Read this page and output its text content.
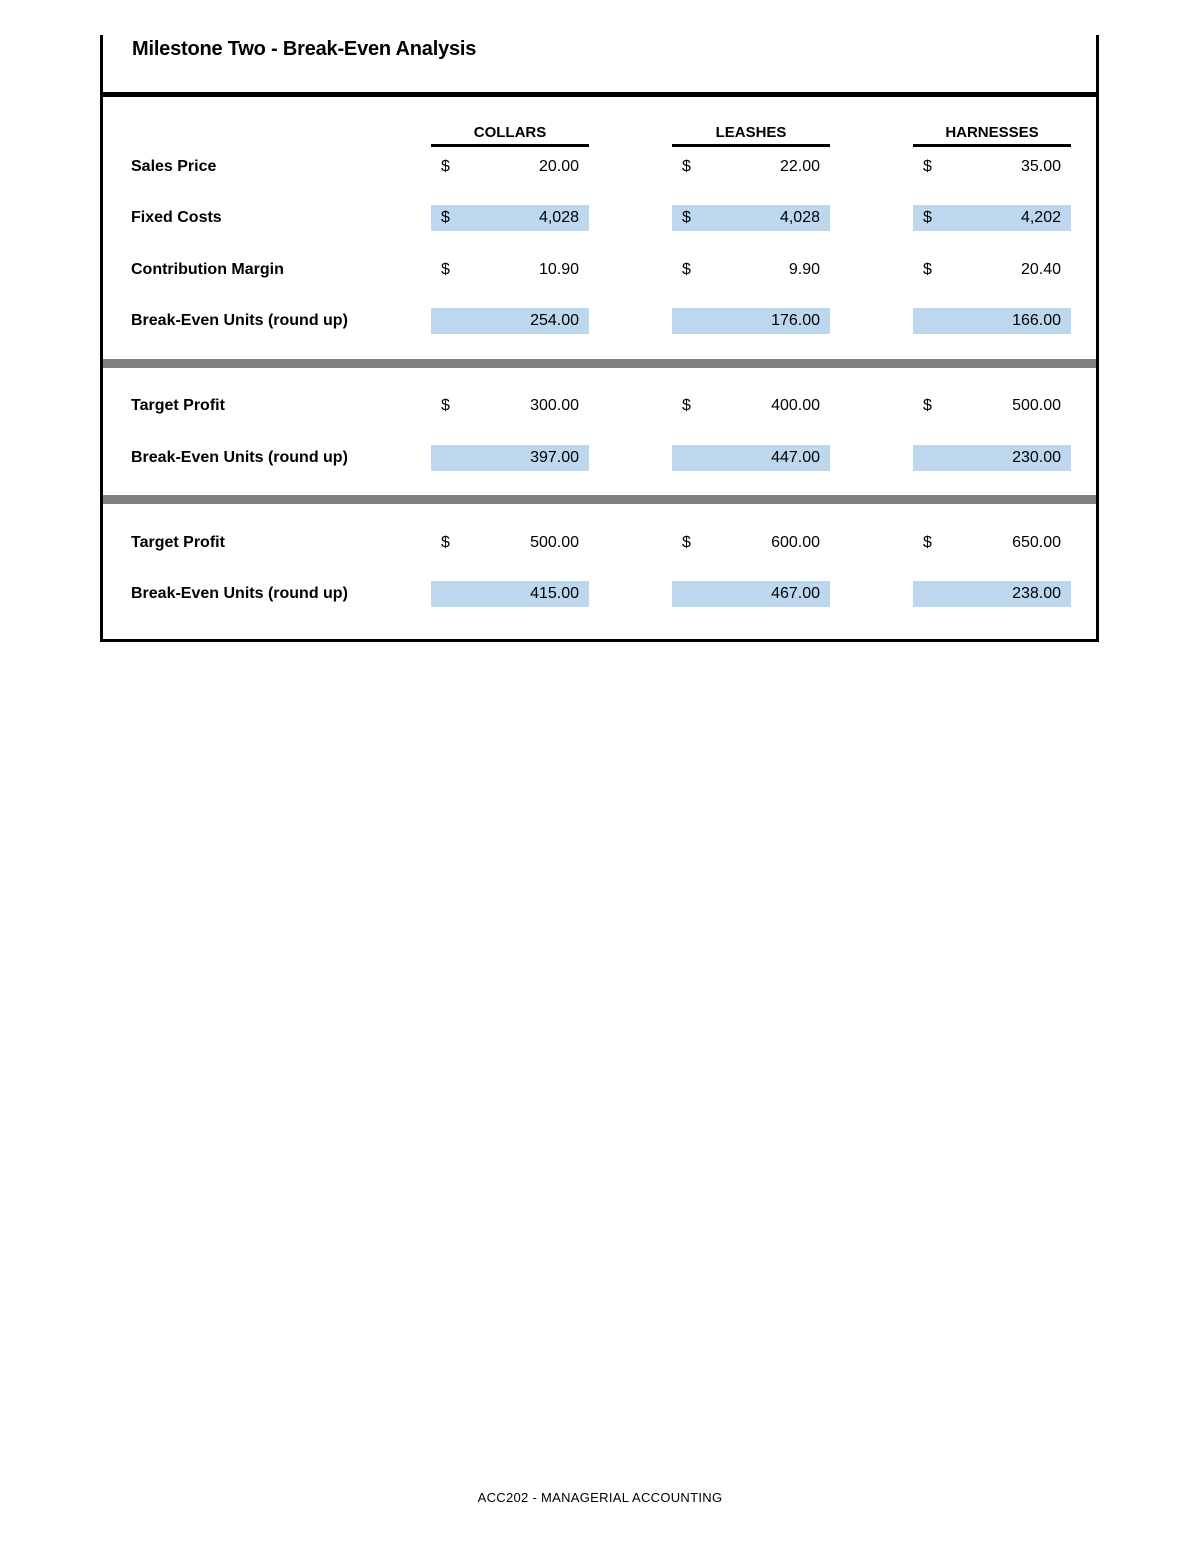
Milestone Two - Break-Even Analysis
COLLARS	LEASHES	HARNESSES
Sales Price	$	20.00	$	22.00	$	35.00
Fixed Costs	$	4,028	$	4,028	$	4,202
Contribution Margin	$	10.90	$	9.90	$	20.40
Break-Even Units (round up)	254.00	176.00	166.00
Target Profit	$	300.00	$	400.00	$	500.00
Break-Even Units (round up)	397.00	447.00	230.00
Target Profit	$	500.00	$	600.00	$	650.00
Break-Even Units (round up)	415.00	467.00	238.00
ACC202 - MANAGERIAL ACCOUNTING
